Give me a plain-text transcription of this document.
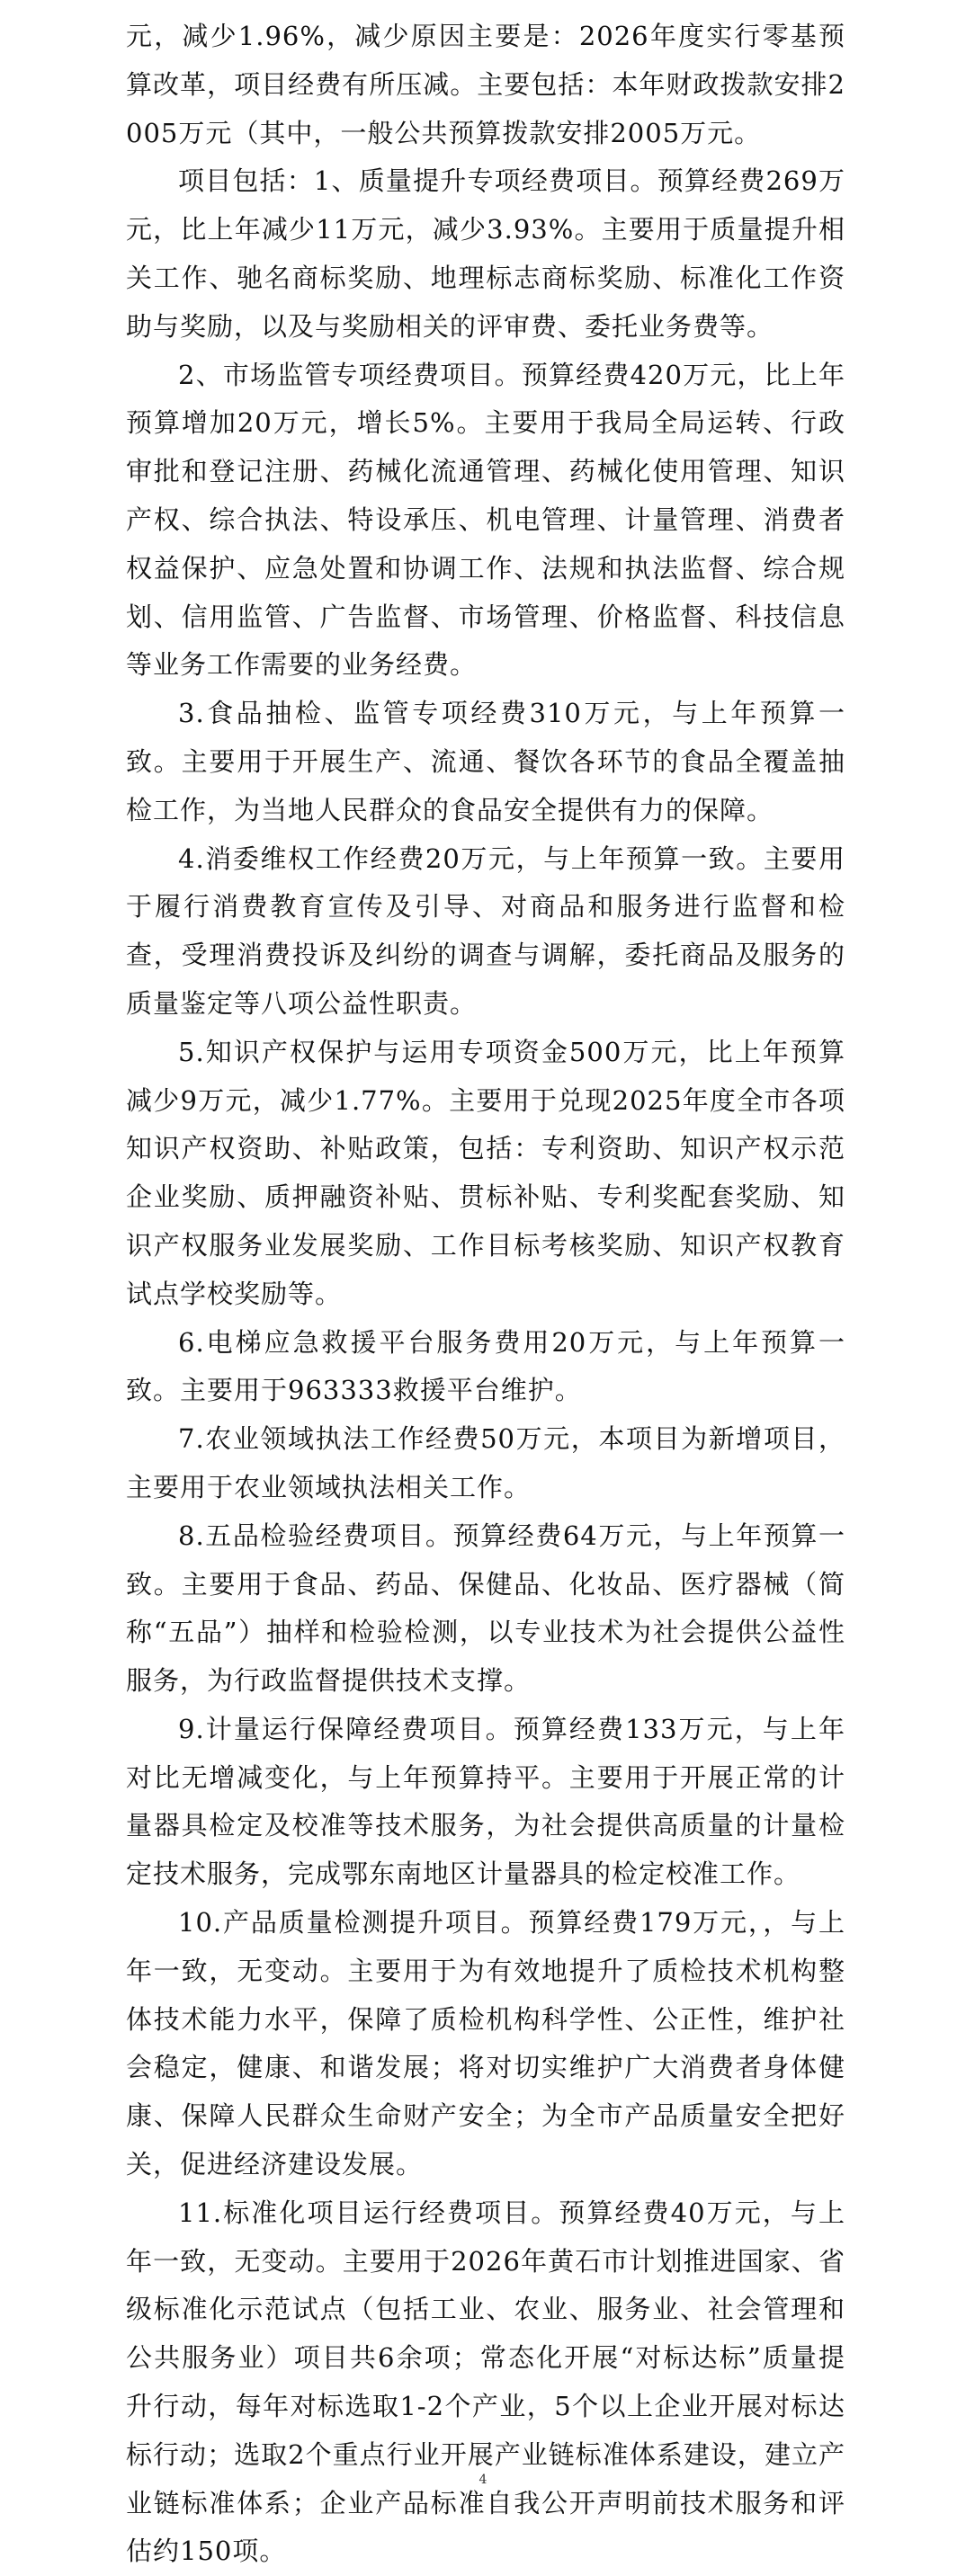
元，减少1.96%，减少原因主要是：2026年度实行零基预算改革，项目经费有所压减。主要包括：本年财政拨款安排2005万元（其中，一般公共预算拨款安排2005万元。

项目包括：1、质量提升专项经费项目。预算经费269万元，比上年减少11万元，减少3.93%。主要用于质量提升相关工作、驰名商标奖励、地理标志商标奖励、标准化工作资助与奖励，以及与奖励相关的评审费、委托业务费等。

2、市场监管专项经费项目。预算经费420万元，比上年预算增加20万元，增长5%。主要用于我局全局运转、行政审批和登记注册、药械化流通管理、药械化使用管理、知识产权、综合执法、特设承压、机电管理、计量管理、消费者权益保护、应急处置和协调工作、法规和执法监督、综合规划、信用监管、广告监督、市场管理、价格监督、科技信息等业务工作需要的业务经费。

3.食品抽检、监管专项经费310万元，与上年预算一致。主要用于开展生产、流通、餐饮各环节的食品全覆盖抽检工作，为当地人民群众的食品安全提供有力的保障。

4.消委维权工作经费20万元，与上年预算一致。主要用于履行消费教育宣传及引导、对商品和服务进行监督和检查，受理消费投诉及纠纷的调查与调解，委托商品及服务的质量鉴定等八项公益性职责。

5.知识产权保护与运用专项资金500万元，比上年预算减少9万元，减少1.77%。主要用于兑现2025年度全市各项知识产权资助、补贴政策，包括：专利资助、知识产权示范企业奖励、质押融资补贴、贯标补贴、专利奖配套奖励、知识产权服务业发展奖励、工作目标考核奖励、知识产权教育试点学校奖励等。

6.电梯应急救援平台服务费用20万元，与上年预算一致。主要用于963333救援平台维护。

7.农业领域执法工作经费50万元，本项目为新增项目，主要用于农业领域执法相关工作。

8.五品检验经费项目。预算经费64万元，与上年预算一致。主要用于食品、药品、保健品、化妆品、医疗器械（简称“五品”）抽样和检验检测，以专业技术为社会提供公益性服务，为行政监督提供技术支撑。

9.计量运行保障经费项目。预算经费133万元，与上年对比无增减变化，与上年预算持平。主要用于开展正常的计量器具检定及校准等技术服务，为社会提供高质量的计量检定技术服务，完成鄂东南地区计量器具的检定校准工作。

10.产品质量检测提升项目。预算经费179万元，，与上年一致，无变动。主要用于为有效地提升了质检技术机构整体技术能力水平，保障了质检机构科学性、公正性，维护社会稳定，健康、和谐发展；将对切实维护广大消费者身体健康、保障人民群众生命财产安全；为全市产品质量安全把好关，促进经济建设发展。

11.标准化项目运行经费项目。预算经费40万元，与上年一致，无变动。主要用于2026年黄石市计划推进国家、省级标准化示范试点（包括工业、农业、服务业、社会管理和公共服务业）项目共6余项；常态化开展“对标达标”质量提升行动，每年对标选取1-2个产业，5个以上企业开展对标达标行动；选取2个重点行业开展产业链标准体系建设，建立产业链标准体系；企业产品标准自我公开声明前技术服务和评估约150项。

4
